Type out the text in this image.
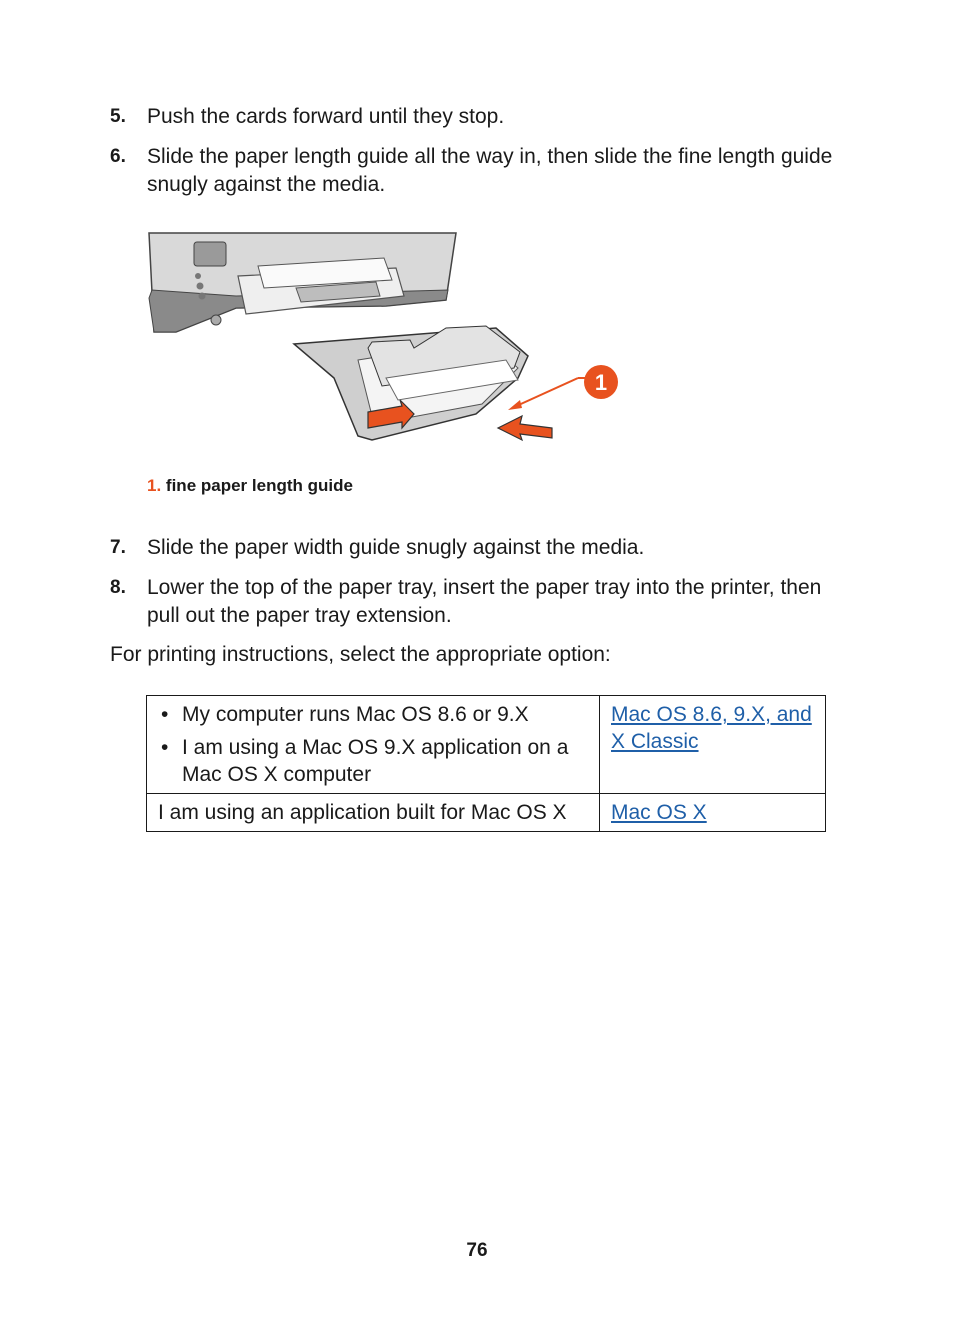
5. Push the cards forward until they stop.
6. Slide the paper length guide all the way in, then slide the fine length guide snugly against the media.
1
1. fine paper length guide
7. Slide the paper width guide snugly against the media.
8. Lower the top of the paper tray, insert the paper tray into the printer, then pull out the paper tray extension.
For printing instructions, select the appropriate option:
• My computer runs Mac OS 8.6 or 9.X
• I am using a Mac OS 9.X application on a Mac OS X computer	Mac OS 8.6, 9.X, and X Classic
I am using an application built for Mac OS X	Mac OS X
76
